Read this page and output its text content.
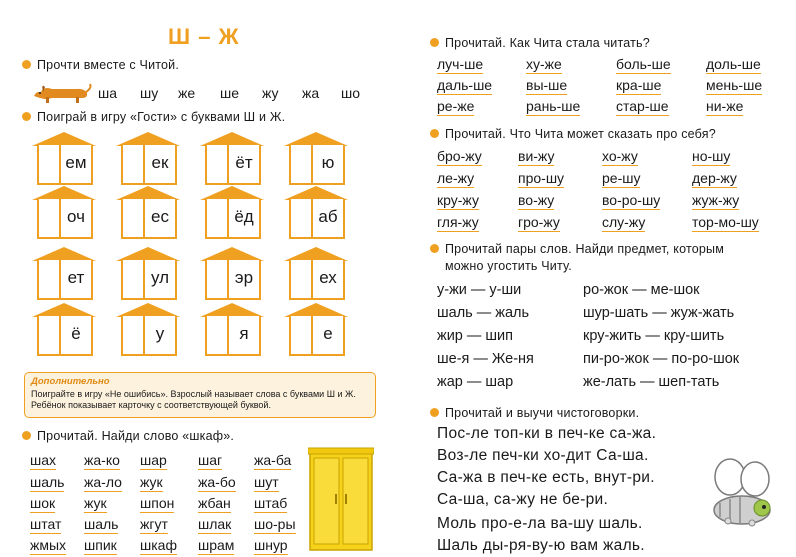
Ш – Ж
Прочти вместе с Читой.
Поиграй в игру «Гости» с буквами Ш и Ж.
Дополнительно
Поиграйте в игру «Не ошибись». Взрослый называет слова с буквами Ш и Ж. Ребёнок показывает карточку с соответствующей буквой.
Прочитай. Найди слово «шкаф».
Прочитай. Как Чита стала читать?
Прочитай. Что Чита может сказать про себя?
Прочитай пары слов. Найди предмет, которым
можно угостить Читу.
Прочитай и выучи чистоговорки.
ша шу же ше жу жа шо
ем	ек	ёт	ю
оч	ес	ёд	аб
ет	ул	эр	ех
ё	у	я	е
шах жа-ко шар шаг жа-ба
шаль жа-ло жук	жа-бо шут
шок жук шпон жбан штаб
штат шаль жгут шлак шо-ры
жмых шпик шкаф шрам шнур
луч-ше	ху-же	боль-ше	доль-ше
даль-ше вы-ше	кра-ше	мень-ше
ре-же	рань-ше	стар-ше	ни-же
бро-жу	ви-жу	хо-жу	но-шу
ле-жу	про-шу	ре-шу	дер-жу
кру-жу	во-жу	во-ро-шу жуж-жу
гля-жу	гро-жу	слу-жу	тор-мо-шу
у-жи — у-ши	ро-жок — ме-шок
шаль — жаль	шур-шать — жуж-жать
жир — шип	кру-жить — кру-шить
ше-я — Же-ня	пи-ро-жок — по-ро-шок
жар — шар	же-лать — шеп-тать
Пос-ле топ-ки в печ-ке са-жа.
Воз-ле печ-ки хо-дит Са-ша.
Са-жа в печ-ке есть, внут-ри.
Са-ша, са-жу не бе-ри.
Моль про-е-ла ва-шу шаль.
Шаль ды-ря-ву-ю вам жаль.
